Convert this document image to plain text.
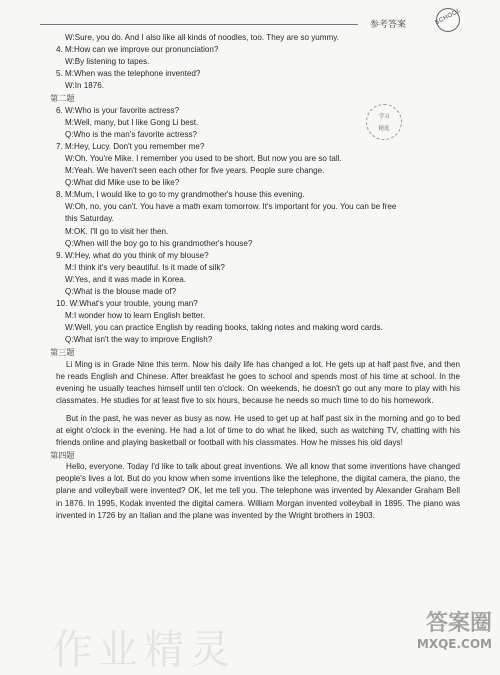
参考答案	SCHOOL
W:Sure, you do. And I also like all kinds of noodles, too. They are so yummy.
4. M:How can we improve our pronunciation?
W:By listening to tapes.
5. M:When was the telephone invented?
W:In 1876.
第二题
6. W:Who is your favorite actress?
M:Well, many, but I like Gong Li best.
Q:Who is the man's favorite actress?
7. M:Hey, Lucy. Don't you remember me?
W:Oh. You're Mike. I remember you used to be short. But now you are so tall.
M:Yeah. We haven't seen each other for five years. People sure change.
Q:What did Mike use to be like?
8. M:Mum, I would like to go to my grandmother's house this evening.
W:Oh, no, you can't. You have a math exam tomorrow. It's important for you. You can be free
this Saturday.
M:OK. I'll go to visit her then.
Q:When will the boy go to his grandmother's house?
9. W:Hey, what do you think of my blouse?
M:I think it's very beautiful. Is it made of silk?
W:Yes, and it was made in Korea.
Q:What is the blouse made of?
10. W:What's your trouble, young man?
M:I wonder how to learn English better.
W:Well, you can practice English by reading books, taking notes and making word cards.
Q:What isn't the way to improve English?
第三题

Li Ming is in Grade Nine this term. Now his daily life has changed a lot. He gets up at half past five, and then he reads English and Chinese. After breakfast he goes to school and spends most of his time at school. In the evening he usually teaches himself until ten o'clock. On weekends, he doesn't go out any more to play with his classmates. He studies for at least five to six hours, because he needs so much time to do his homework.

But in the past, he was never as busy as now. He used to get up at half past six in the morning and go to bed at eight o'clock in the evening. He had a lot of time to do what he liked, such as watching TV, chatting with his friends online and playing basketball or football with his classmates. How he misses his old days!

第四题

Hello, everyone. Today I'd like to talk about great inventions. We all know that some inventions have changed people's lives a lot. But do you know when some inventions like the telephone, the digital camera, the piano, the plane and volleyball were invented? OK, let me tell you. The telephone was invented by Alexander Graham Bell in 1876. In 1995, Kodak invented the digital camera. William Morgan invented volleyball in 1895. The piano was invented in 1726 by an Italian and the plane was invented by the Wright brothers in 1903.

学习
精选
作业精灵
答案圈
MXQE.COM
